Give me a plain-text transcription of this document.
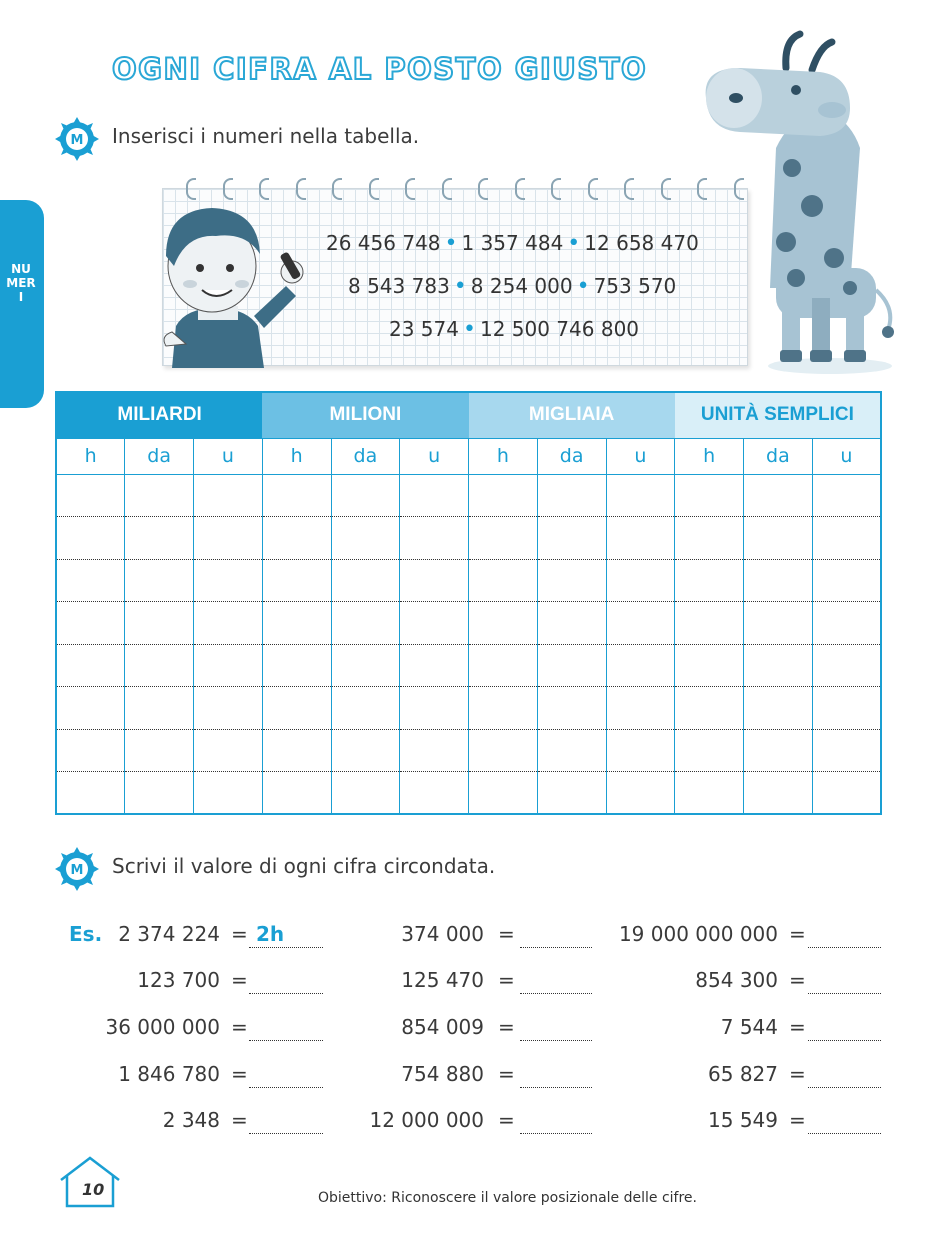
OGNI CIFRA AL POSTO GIUSTO
NUMERI
M Inserisci i numeri nella tabella.
26 456 748 • 1 357 484 • 12 658 470
8 543 783 • 8 254 000 • 753 570
23 574 • 12 500 746 800
MILIARDI			MILIONI			MIGLIAIA			UNITÀ SEMPLICI		
h	da	u	h	da	u	h	da	u	h	da	u

M Scrivi il valore di ogni cifra circondata.
Es. 2 374 224 = 2h
123 700 =
36 000 000 =
1 846 780 =
2 348 =
374 000 =
125 470 =
854 009 =
754 880 =
12 000 000 =
19 000 000 000 =
854 300 =
7 544 =
65 827 =
15 549 =
10	Obiettivo: Riconoscere il valore posizionale delle cifre.
